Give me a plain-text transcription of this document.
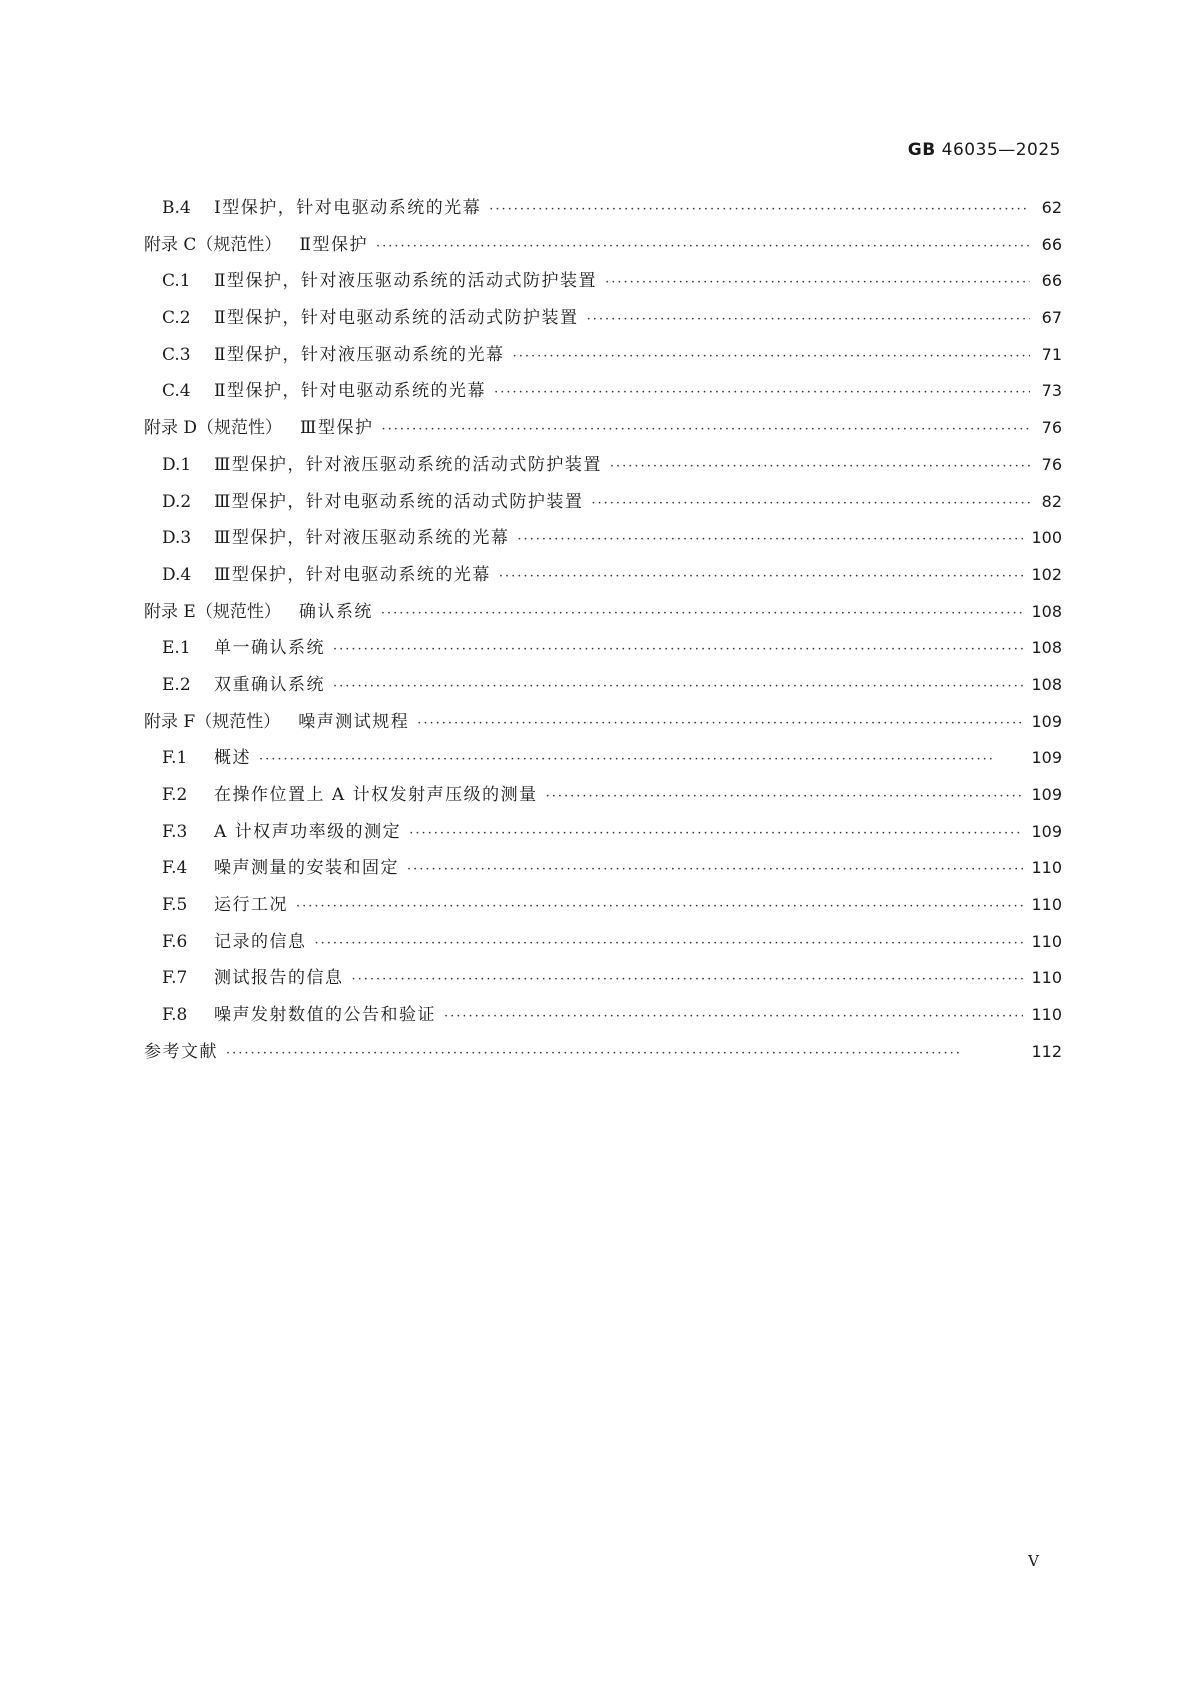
GB 46035—2025
B.4	Ⅰ型保护，针对电驱动系统的光幕 ·····	62
附录 C（规范性） Ⅱ型保护 ·····	66
C.1	Ⅱ型保护，针对液压驱动系统的活动式防护装置 ·····	66
C.2	Ⅱ型保护，针对电驱动系统的活动式防护装置 ·····	67
C.3	Ⅱ型保护，针对液压驱动系统的光幕 ·····	71
C.4	Ⅱ型保护，针对电驱动系统的光幕 ·····	73
附录 D（规范性） Ⅲ型保护 ·····	76
D.1	Ⅲ型保护，针对液压驱动系统的活动式防护装置 ·····	76
D.2	Ⅲ型保护，针对电驱动系统的活动式防护装置 ·····	82
D.3	Ⅲ型保护，针对液压驱动系统的光幕 ·····	100
D.4	Ⅲ型保护，针对电驱动系统的光幕 ·····	102
附录 E（规范性） 确认系统 ·····	108
E.1	单一确认系统 ·····	108
E.2	双重确认系统 ·····	108
附录 F（规范性） 噪声测试规程 ·····	109
F.1	概述 ·····	109
F.2	在操作位置上 A 计权发射声压级的测量 ·····	109
F.3	A 计权声功率级的测定 ·····	109
F.4	噪声测量的安装和固定 ·····	110
F.5	运行工况 ·····	110
F.6	记录的信息 ·····	110
F.7	测试报告的信息 ·····	110
F.8	噪声发射数值的公告和验证 ·····	110
参考文献 ·····	112
Ⅴ
